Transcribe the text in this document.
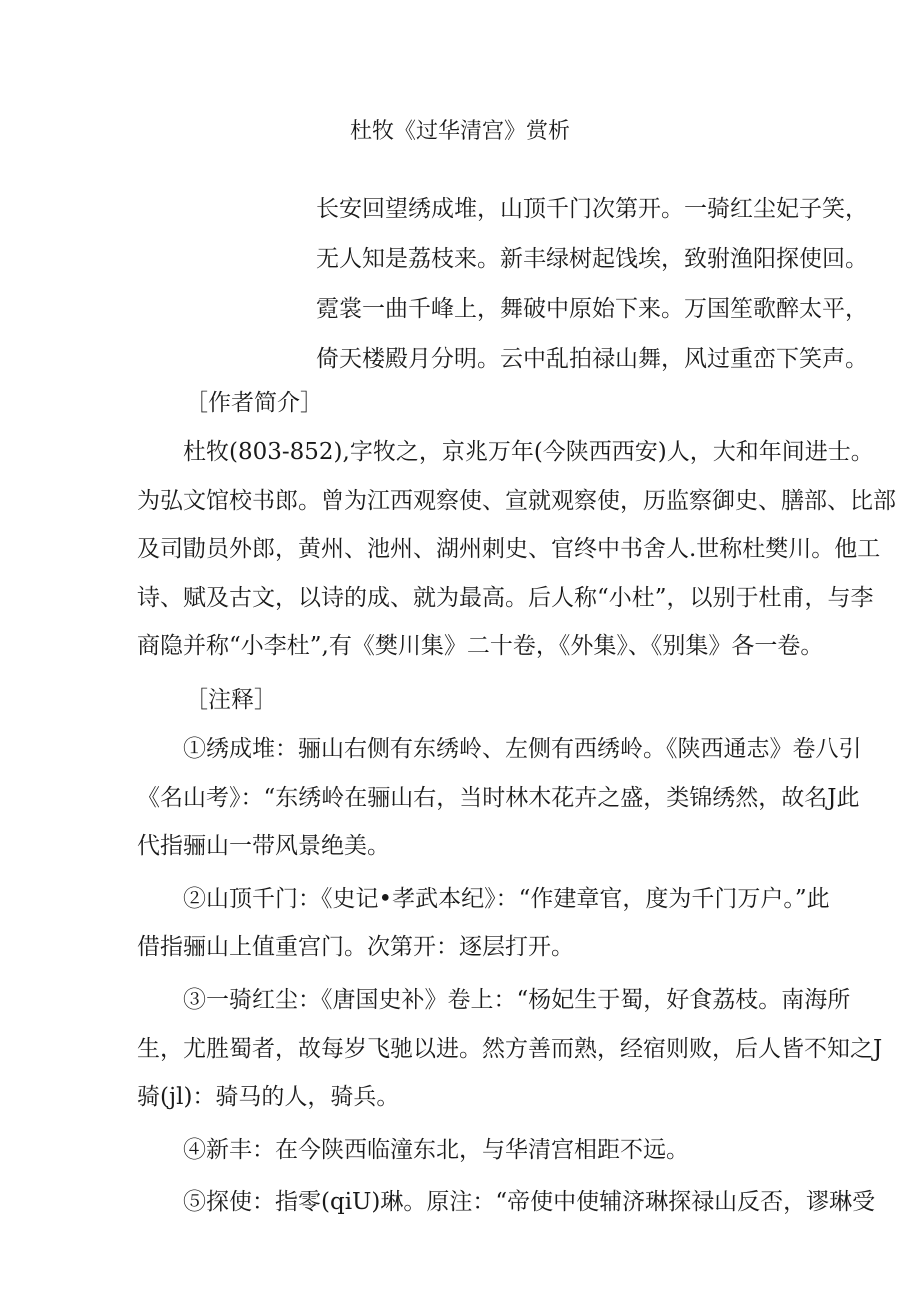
杜牧《过华清宫》赏析
长安回望绣成堆，山顶千门次第开。一骑红尘妃子笑，
无人知是荔枝来。新丰绿树起饯埃，致驸渔阳探使回。
霓裳一曲千峰上，舞破中原始下来。万国笙歌醉太平，
倚天楼殿月分明。云中乱拍禄山舞，风过重峦下笑声。
［作者简介］
杜牧(803-852),字牧之，京兆万年(今陕西西安)人，大和年间进士。
为弘文馆校书郎。曾为江西观察使、宣就观察使，历监察御史、膳部、比部
及司勖员外郎，黄州、池州、湖州刺史、官终中书舍人.世称杜樊川。他工
诗、赋及古文，以诗的成、就为最高。后人称“小杜”，以别于杜甫，与李
商隐并称“小李杜”,有《樊川集》二十卷，《外集》、《别集》各一卷。
［注释］
①绣成堆：骊山右侧有东绣岭、左侧有西绣岭。《陕西通志》卷八引
《名山考》：“东绣岭在骊山右，当时林木花卉之盛，类锦绣然，故名J此
代指骊山一带风景绝美。
②山顶千门：《史记•孝武本纪》：“作建章官，度为千门万户。”此
借指骊山上值重宫门。次第开：逐层打开。
③一骑红尘：《唐国史补》卷上：“杨妃生于蜀，好食荔枝。南海所
生，尤胜蜀者，故每岁飞驰以进。然方善而熟，经宿则败，后人皆不知之J
骑(jl)：骑马的人，骑兵。
④新丰：在今陕西临潼东北，与华清宫相距不远。
⑤探使：指零(qiU)琳。原注：“帝使中使辅济琳探禄山反否，谬琳受
